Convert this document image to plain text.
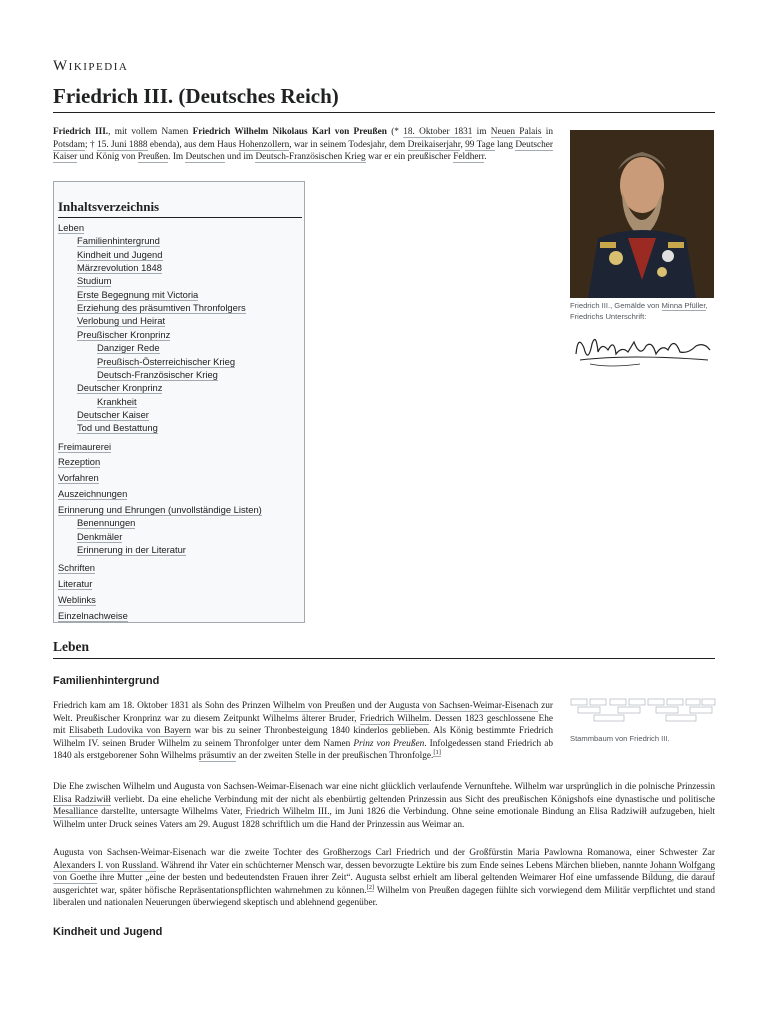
Wikipedia
Friedrich III. (Deutsches Reich)

Friedrich III., mit vollem Namen Friedrich Wilhelm Nikolaus Karl von Preußen (* 18. Oktober 1831 im Neuen Palais in Potsdam; † 15. Juni 1888 ebenda), aus dem Haus Hohenzollern, war in seinem Todesjahr, dem Dreikaiserjahr, 99 Tage lang Deutscher Kaiser und König von Preußen. Im Deutschen und im Deutsch-Französischen Krieg war er ein preußischer Feldherr.

Friedrich III., Gemälde von Minna Pfüller, Friedrichs Unterschrift:
Inhaltsverzeichnis
Leben
Familienhintergrund
Kindheit und Jugend
Märzrevolution 1848
Studium
Erste Begegnung mit Victoria
Erziehung des präsumtiven Thronfolgers
Verlobung und Heirat
Preußischer Kronprinz
Danziger Rede
Preußisch-Österreichischer Krieg
Deutsch-Französischer Krieg
Deutscher Kronprinz
Krankheit
Deutscher Kaiser
Tod und Bestattung
Freimaurerei
Rezeption
Vorfahren
Auszeichnungen
Erinnerung und Ehrungen (unvollständige Listen)
Benennungen
Denkmäler
Erinnerung in der Literatur
Schriften
Literatur
Weblinks
Einzelnachweise
Leben
Familienhintergrund
Stammbaum von Friedrich III.

Friedrich kam am 18. Oktober 1831 als Sohn des Prinzen Wilhelm von Preußen und der Augusta von Sachsen-Weimar-Eisenach zur Welt. Preußischer Kronprinz war zu diesem Zeitpunkt Wilhelms älterer Bruder, Friedrich Wilhelm. Dessen 1823 geschlossene Ehe mit Elisabeth Ludovika von Bayern war bis zu seiner Thronbesteigung 1840 kinderlos geblieben. Als König bestimmte Friedrich Wilhelm IV. seinen Bruder Wilhelm zu seinem Thronfolger unter dem Namen Prinz von Preußen. Infolgedessen stand Friedrich ab 1840 als erstgeborener Sohn Wilhelms präsumtiv an der zweiten Stelle in der preußischen Thronfolge.[1]

Die Ehe zwischen Wilhelm und Augusta von Sachsen-Weimar-Eisenach war eine nicht glücklich verlaufende Vernunftehe. Wilhelm war ursprünglich in die polnische Prinzessin Elisa Radziwiłł verliebt. Da eine eheliche Verbindung mit der nicht als ebenbürtig geltenden Prinzessin aus Sicht des preußischen Königshofs eine dynastische und politische Mesalliance darstellte, untersagte Wilhelms Vater, Friedrich Wilhelm III., im Juni 1826 die Verbindung. Ohne seine emotionale Bindung an Elisa Radziwiłł aufzugeben, hielt Wilhelm unter Druck seines Vaters am 29. August 1828 schriftlich um die Hand der Prinzessin aus Weimar an.

Augusta von Sachsen-Weimar-Eisenach war die zweite Tochter des Großherzogs Carl Friedrich und der Großfürstin Maria Pawlowna Romanowa, einer Schwester Zar Alexanders I. von Russland. Während ihr Vater ein schüchterner Mensch war, dessen bevorzugte Lektüre bis zum Ende seines Lebens Märchen blieben, nannte Johann Wolfgang von Goethe ihre Mutter „eine der besten und bedeutendsten Frauen ihrer Zeit“. Augusta selbst erhielt am liberal geltenden Weimarer Hof eine umfassende Bildung, die darauf ausgerichtet war, später höfische Repräsentationspflichten wahrnehmen zu können.[2] Wilhelm von Preußen dagegen fühlte sich vorwiegend dem Militär verpflichtet und stand liberalen und nationalen Neuerungen überwiegend skeptisch und ablehnend gegenüber.

Kindheit und Jugend
